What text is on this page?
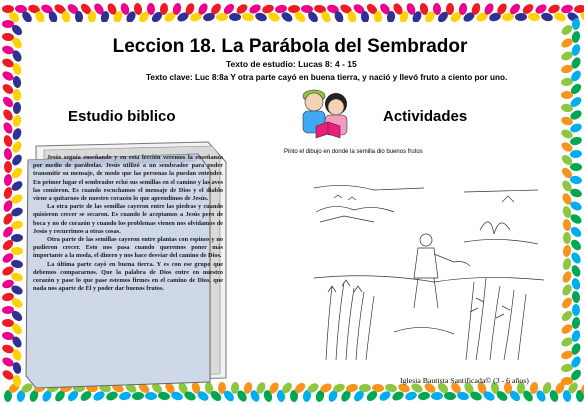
Leccion 18. La Parábola del Sembrador
Texto de estudio: Lucas 8: 4 - 15
Texto clave: Luc 8:8a Y otra parte cayó en buena tierra, y nació y llevó fruto a ciento por uno.
Estudio biblico	Actividades
Pinto el dibujo en donde la semilla dio buenos frutos

Jesús seguía enseñando y en esta lección veremos la enseñanza por medio de parábolas. Jesús utilizó a un sembrador para poder transmitir su mensaje, de modo que las personas la puedan entender. En primer lugar el sembrador echó sus semillas en el camino y las aves las comieron. Es cuando escuchamos el mensaje de Dios y el diablo viene a quitarnos de nuestro corazón lo que aprendimos de Jesús.

La otra parte de las semillas cayeron entre las piedras y cuando quisieron crecer se secaron. Es cuando le aceptamos a Jesús pero de boca y no de corazón y cuando los problemas vienen nos olvidamos de Jesús y recurrimos a otras cosas.

Otra parte de las semillas cayeron entre plantas con espinos y no pudieron crecer. Esto nos pasa cuando queremos poner más importante a la moda, el dinero y nos hace desviar del camino de Dios.

La última parte cayó en buena tierra. Y es con ese grupo que debemos compararnos. Que la palabra de Dios entre en nuestro corazón y pase lo que pase estemos firmes en el camino de Dios, que nada nos aparte de Él y poder dar buenos frutos.

Iglesia Bautista Santificada© (3 - 6 años)
